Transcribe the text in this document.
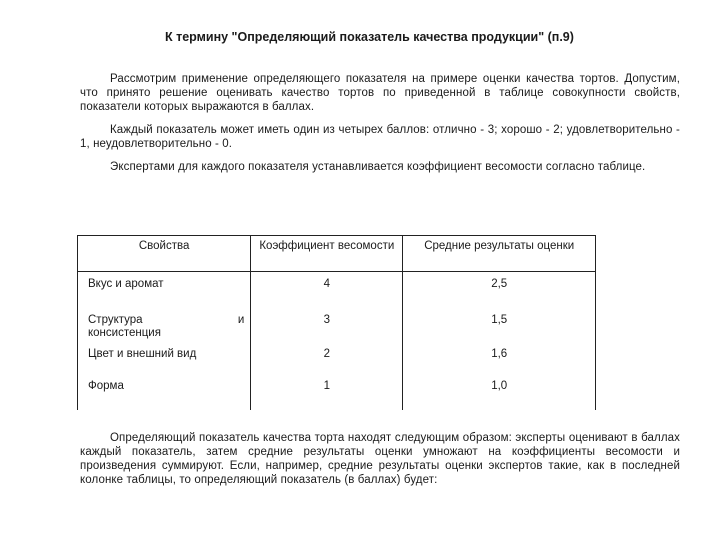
К термину "Определяющий показатель качества продукции" (п.9)
Рассмотрим применение определяющего показателя на примере оценки качества тортов. Допустим, что принято решение оценивать качество тортов по приведенной в таблице совокупности свойств, показатели которых выражаются в баллах.
Каждый показатель может иметь один из четырех баллов: отлично - 3; хорошо - 2; удовлетворительно - 1, неудовлетворительно - 0.
Экспертами для каждого показателя устанавливается коэффициент весомости согласно таблице.
Свойства	Коэффициент весомости	Средние результаты оценки
Вкус и аромат	4	2,5

Структура и
консистенция	3	1,5
Цвет и внешний вид	2	1,6
Форма	1	1,0
Определяющий показатель качества торта находят следующим образом: эксперты оценивают в баллах каждый показатель, затем средние результаты оценки умножают на коэффициенты весомости и произведения суммируют. Если, например, средние результаты оценки экспертов такие, как в последней колонке таблицы, то определяющий показатель (в баллах) будет:
